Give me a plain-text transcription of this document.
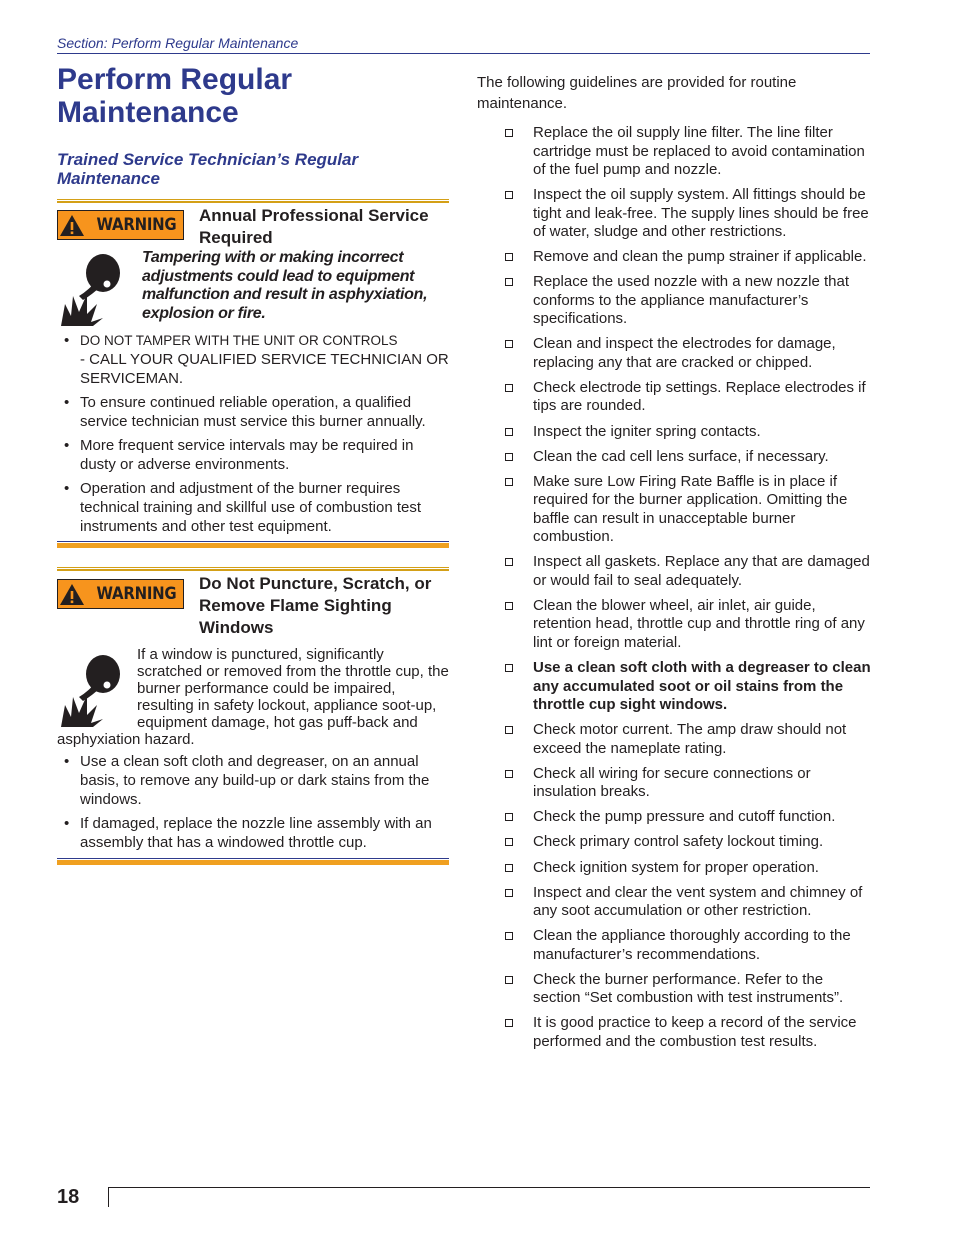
Section: Perform Regular Maintenance
Perform Regular Maintenance
Trained Service Technician’s Regular Maintenance
WARNING Annual Professional Service Required
Tampering with or making incorrect adjustments could lead to equipment malfunction and result in asphyxiation, explosion or fire.
• DO NOT TAMPER WITH THE UNIT OR CONTROLS
- CALL YOUR QUALIFIED SERVICE TECHNICIAN OR SERVICEMAN.
• To ensure continued reliable operation, a qualified service technician must service this burner annually.
• More frequent service intervals may be required in dusty or adverse environments.
• Operation and adjustment of the burner requires technical training and skillful use of combustion test instruments and other test equipment.
WARNING
Do Not Puncture, Scratch, or Remove Flame Sighting Windows
If a window is punctured, significantly scratched or removed from the throttle cup, the burner performance could be impaired, resulting in safety lockout, appliance soot-up, equipment damage, hot gas puff-back and asphyxiation hazard.
• Use a clean soft cloth and degreaser, on an annual basis, to remove any build-up or dark stains from the windows.
• If damaged, replace the nozzle line assembly with an assembly that has a windowed throttle cup.
The following guidelines are provided for routine maintenance.
Replace the oil supply line filter. The line filter cartridge must be replaced to avoid contamination of the fuel pump and nozzle.
Inspect the oil supply system. All fittings should be tight and leak-free. The supply lines should be free of water, sludge and other restrictions.
Remove and clean the pump strainer if applicable.
Replace the used nozzle with a new nozzle that conforms to the appliance manufacturer’s specifications.
Clean and inspect the electrodes for damage, replacing any that are cracked or chipped.
Check electrode tip settings. Replace electrodes if tips are rounded.
Inspect the igniter spring contacts.
Clean the cad cell lens surface, if necessary.
Make sure Low Firing Rate Baffle is in place if required for the burner application. Omitting the baffle can result in unacceptable burner combustion.
Inspect all gaskets. Replace any that are damaged or would fail to seal adequately.
Clean the blower wheel, air inlet, air guide, retention head, throttle cup and throttle ring of any lint or foreign material.
Use a clean soft cloth with a degreaser to clean any accumulated soot or oil stains from the throttle cup sight windows.
Check motor current. The amp draw should not exceed the nameplate rating.
Check all wiring for secure connections or insulation breaks.
Check the pump pressure and cutoff function.
Check primary control safety lockout timing.
Check ignition system for proper operation.
Inspect and clear the vent system and chimney of any soot accumulation or other restriction.
Clean the appliance thoroughly according to the manufacturer’s recommendations.
Check the burner performance. Refer to the section “Set combustion with test instruments”.
It is good practice to keep a record of the service performed and the combustion test results.
18
